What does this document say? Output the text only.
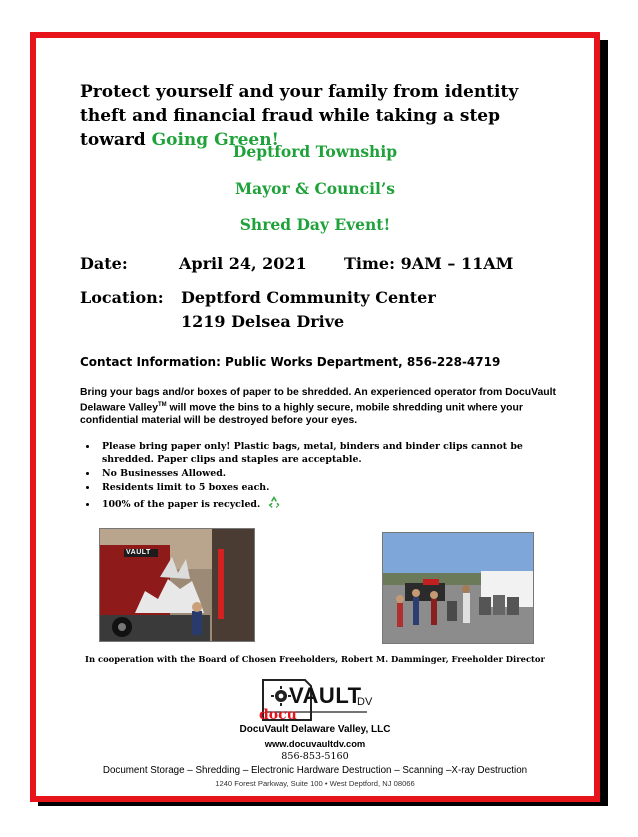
Protect yourself and your family from identity theft and financial fraud while taking a step toward Going Green!
Deptford Township
Mayor & Council’s
Shred Day Event!
Date:	April 24, 2021 Time: 9AM – 11AM
Location: Deptford Community Center
1219 Delsea Drive
Contact Information: Public Works Department, 856-228-4719
Bring your bags and/or boxes of paper to be shredded. An experienced operator from DocuVault Delaware Valley™ will move the bins to a highly secure, mobile shredding unit where your confidential material will be destroyed before your eyes.
• Please bring paper only! Plastic bags, metal, binders and binder clips cannot be shredded. Paper clips and staples are acceptable.
• No Businesses Allowed.
• Residents limit to 5 boxes each.
• 100% of the paper is recycled.
VAULT
In cooperation with the Board of Chosen Freeholders, Robert M. Damminger, Freeholder Director
docu
VAULT
DV
DocuVault Delaware Valley, LLC
www.docuvaultdv.com
856-853-5160
Document Storage – Shredding – Electronic Hardware Destruction – Scanning –X-ray Destruction
1240 Forest Parkway, Suite 100 • West Deptford, NJ 08066
